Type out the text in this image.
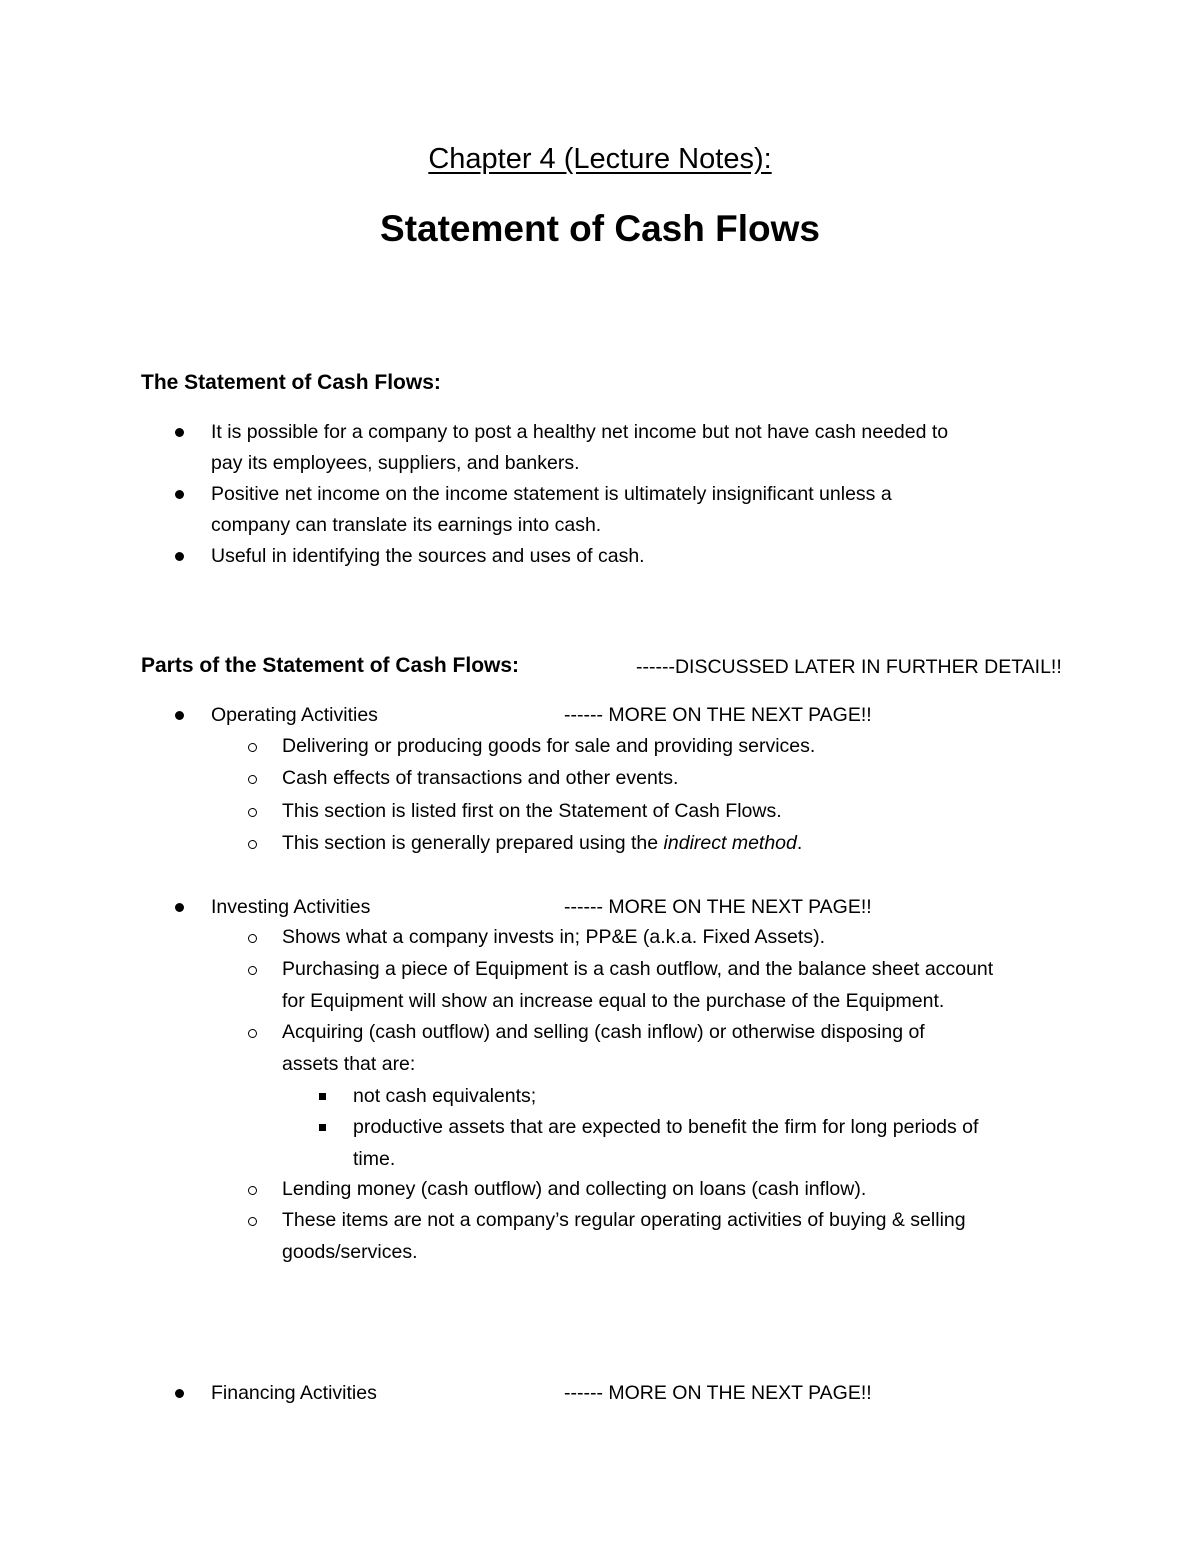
Chapter 4 (Lecture Notes):
Statement of Cash Flows
The Statement of Cash Flows:
It is possible for a company to post a healthy net income but not have cash needed to
pay its employees, suppliers, and bankers.
Positive net income on the income statement is ultimately insignificant unless a
company can translate its earnings into cash.
Useful in identifying the sources and uses of cash.
Parts of the Statement of Cash Flows:	------DISCUSSED LATER IN FURTHER DETAIL!!
Operating Activities	------ MORE ON THE NEXT PAGE!!
Delivering or producing goods for sale and providing services.
Cash effects of transactions and other events.
This section is listed first on the Statement of Cash Flows.
This section is generally prepared using the indirect method.
Investing Activities	------ MORE ON THE NEXT PAGE!!
Shows what a company invests in; PP&E (a.k.a. Fixed Assets).
Purchasing a piece of Equipment is a cash outflow, and the balance sheet account
for Equipment will show an increase equal to the purchase of the Equipment.
Acquiring (cash outflow) and selling (cash inflow) or otherwise disposing of
assets that are:
not cash equivalents;
productive assets that are expected to benefit the firm for long periods of
time.
Lending money (cash outflow) and collecting on loans (cash inflow).
These items are not a company’s regular operating activities of buying & selling
goods/services.
Financing Activities	------ MORE ON THE NEXT PAGE!!
